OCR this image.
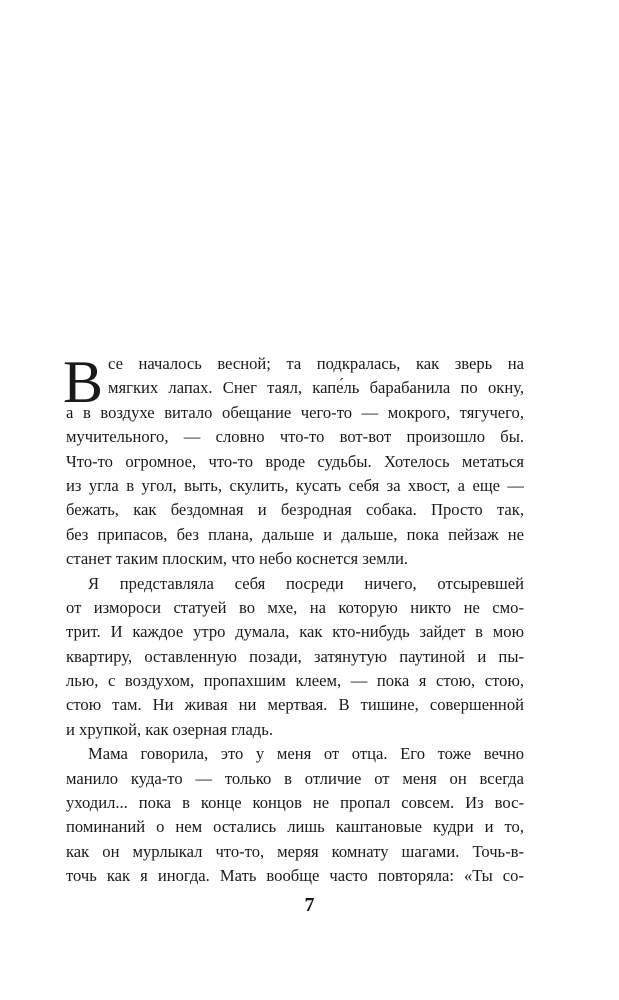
В се началось весной; та подкралась, как зверь на
мягких лапах. Снег таял, капе́ль барабанила по окну,
а в воздухе витало обещание чего-то — мокрого, тягучего,
мучительного, — словно что-то вот-вот произошло бы.
Что-то огромное, что-то вроде судьбы. Хотелось метаться
из угла в угол, выть, скулить, кусать себя за хвост, а еще —
бежать, как бездомная и безродная собака. Просто так,
без припасов, без плана, дальше и дальше, пока пейзаж не
станет таким плоским, что небо коснется земли.
Я представляла себя посреди ничего, отсыревшей
от измороси статуей во мхе, на которую никто не смо-
трит. И каждое утро думала, как кто-нибудь зайдет в мою
квартиру, оставленную позади, затянутую паутиной и пы-
лью, с воздухом, пропахшим клеем, — пока я стою, стою,
стою там. Ни живая ни мертвая. В тишине, совершенной
и хрупкой, как озерная гладь.
Мама говорила, это у меня от отца. Его тоже вечно
манило куда-то — только в отличие от меня он всегда
уходил... пока в конце концов не пропал совсем. Из вос-
поминаний о нем остались лишь каштановые кудри и то,
как он мурлыкал что-то, меряя комнату шагами. Точь-в-
точь как я иногда. Мать вообще часто повторяла: «Ты со-
7
